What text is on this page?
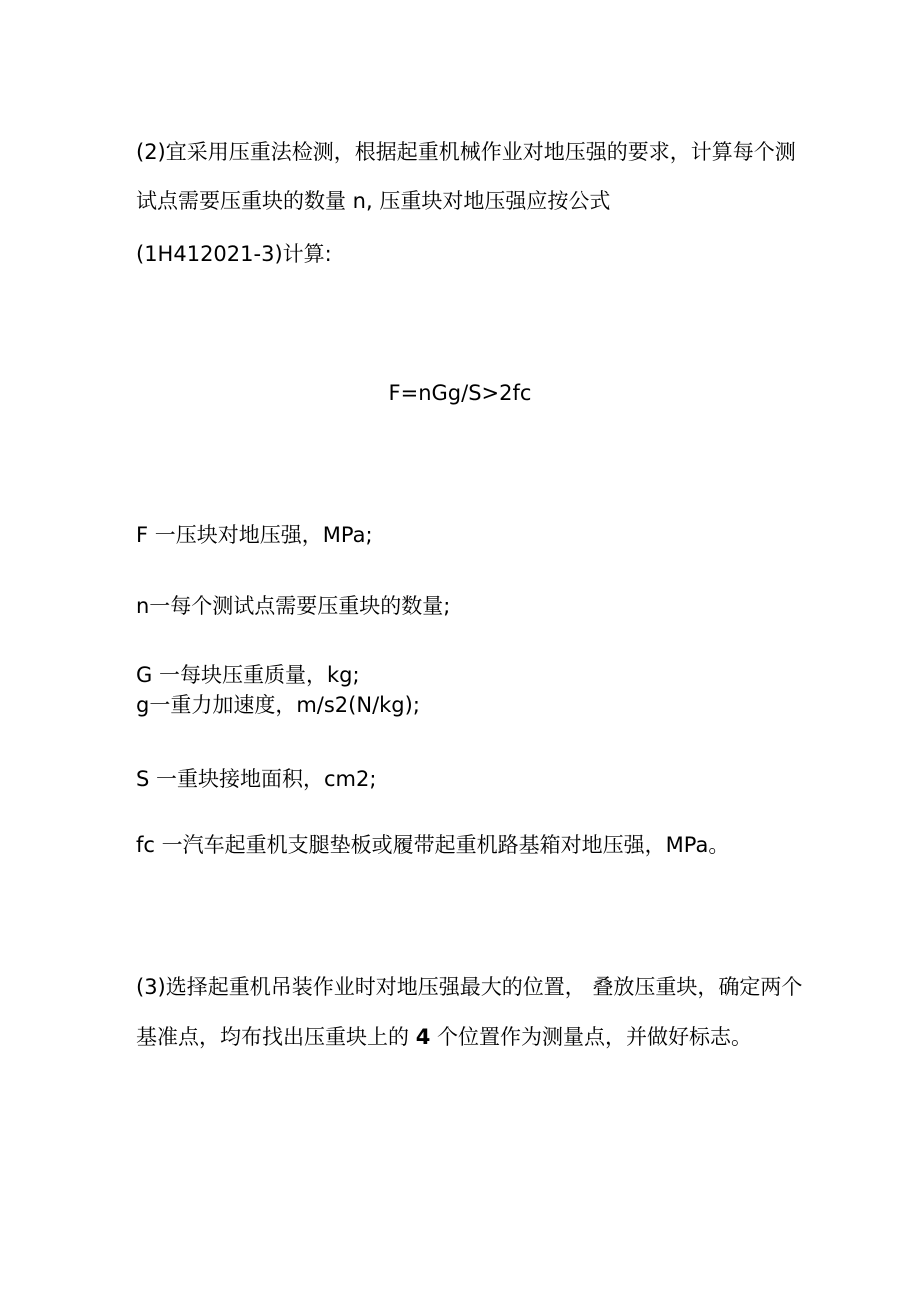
(2)宜采用压重法检测，根据起重机械作业对地压强的要求，计算每个测
试点需要压重块的数量 n, 压重块对地压强应按公式
(1H412021-3)计算:
F=nGg/S>2fc
F 一压块对地压强，MPa;
n一每个测试点需要压重块的数量;
G 一每块压重质量，kg;
g一重力加速度，m/s2(N/kg);
S 一重块接地面积，cm2;
fc 一汽车起重机支腿垫板或履带起重机路基箱对地压强，MPa。
(3)选择起重机吊装作业时对地压强最大的位置， 叠放压重块，确定两个
基准点，均布找出压重块上的 4 个位置作为测量点，并做好标志。
